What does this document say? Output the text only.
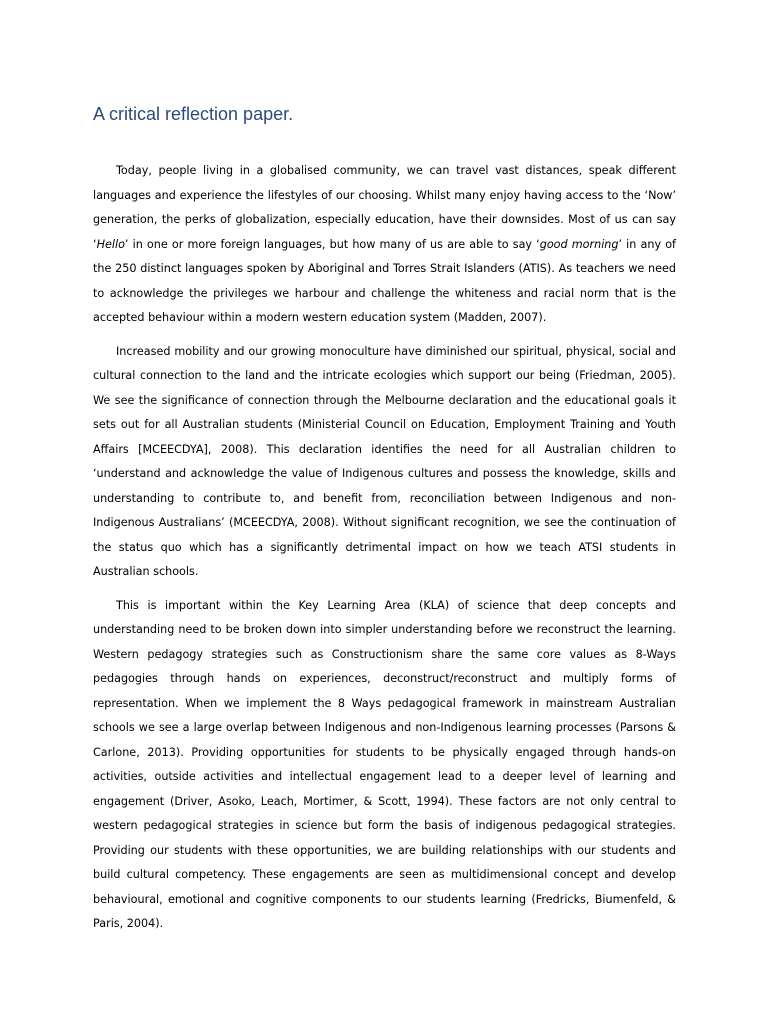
A critical reflection paper.

Today, people living in a globalised community, we can travel vast distances, speak different languages and experience the lifestyles of our choosing. Whilst many enjoy having access to the ‘Now’ generation, the perks of globalization, especially education, have their downsides. Most of us can say ‘Hello’ in one or more foreign languages, but how many of us are able to say ‘good morning’ in any of the 250 distinct languages spoken by Aboriginal and Torres Strait Islanders (ATIS). As teachers we need to acknowledge the privileges we harbour and challenge the whiteness and racial norm that is the accepted behaviour within a modern western education system (Madden, 2007).

Increased mobility and our growing monoculture have diminished our spiritual, physical, social and cultural connection to the land and the intricate ecologies which support our being (Friedman, 2005). We see the significance of connection through the Melbourne declaration and the educational goals it sets out for all Australian students (Ministerial Council on Education, Employment Training and Youth Affairs [MCEECDYA], 2008). This declaration identifies the need for all Australian children to ‘understand and acknowledge the value of Indigenous cultures and possess the knowledge, skills and understanding to contribute to, and benefit from, reconciliation between Indigenous and non-Indigenous Australians’ (MCEECDYA, 2008). Without significant recognition, we see the continuation of the status quo which has a significantly detrimental impact on how we teach ATSI students in Australian schools.

This is important within the Key Learning Area (KLA) of science that deep concepts and understanding need to be broken down into simpler understanding before we reconstruct the learning. Western pedagogy strategies such as Constructionism share the same core values as 8-Ways pedagogies through hands on experiences, deconstruct/reconstruct and multiply forms of representation. When we implement the 8 Ways pedagogical framework in mainstream Australian schools we see a large overlap between Indigenous and non-Indigenous learning processes (Parsons & Carlone, 2013). Providing opportunities for students to be physically engaged through hands-on activities, outside activities and intellectual engagement lead to a deeper level of learning and engagement (Driver, Asoko, Leach, Mortimer, & Scott, 1994). These factors are not only central to western pedagogical strategies in science but form the basis of indigenous pedagogical strategies. Providing our students with these opportunities, we are building relationships with our students and build cultural competency. These engagements are seen as multidimensional concept and develop behavioural, emotional and cognitive components to our students learning (Fredricks, Biumenfeld, & Paris, 2004).
